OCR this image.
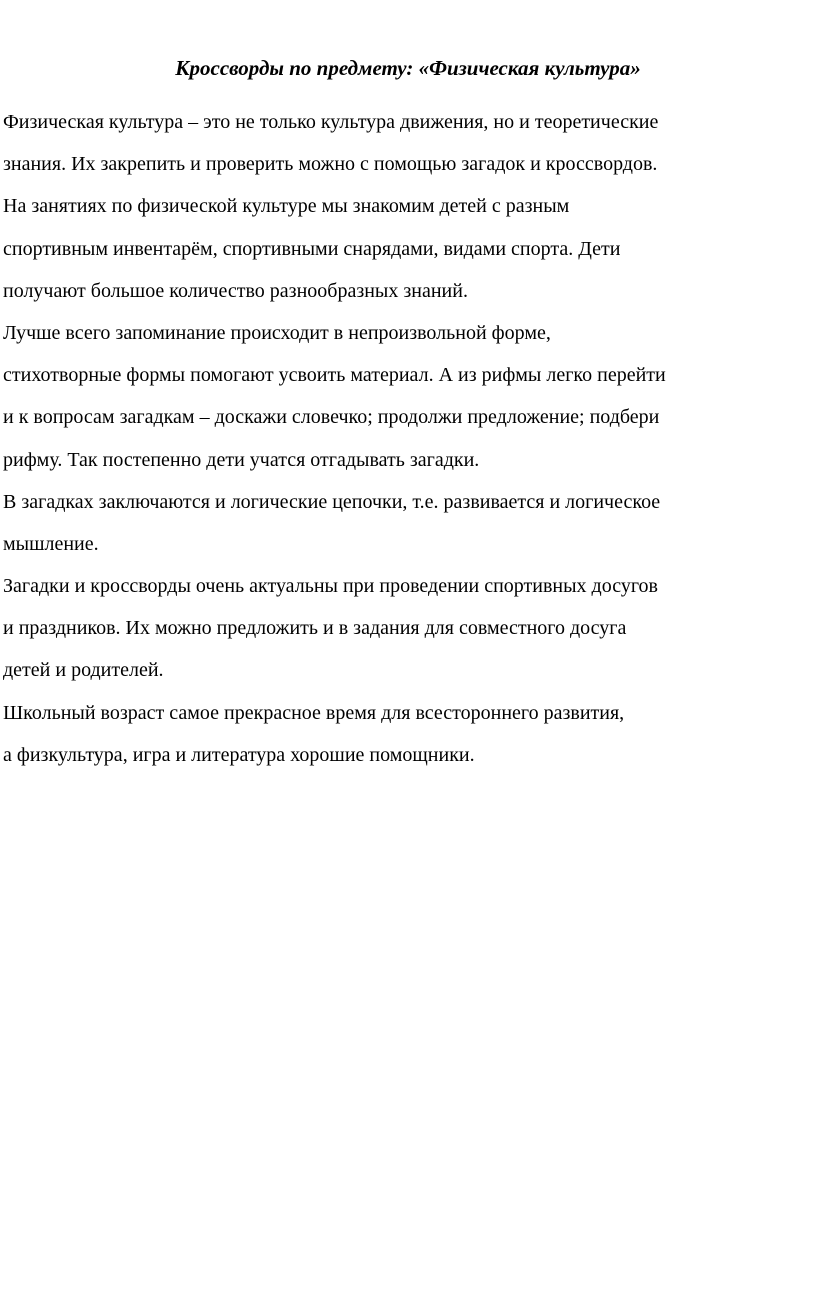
Кроссворды по предмету: «Физическая культура»
Физическая культура – это не только культура движения, но и теоретические
знания. Их закрепить и проверить можно с помощью загадок и кроссвордов.
На занятиях по физической культуре мы знакомим детей с разным
спортивным инвентарём, спортивными снарядами, видами спорта. Дети
получают большое количество разнообразных знаний.
Лучше всего запоминание происходит в непроизвольной форме,
стихотворные формы помогают усвоить материал. А из рифмы легко перейти
и к вопросам загадкам – доскажи словечко; продолжи предложение; подбери
рифму. Так постепенно дети учатся отгадывать загадки.
В загадках заключаются и логические цепочки, т.е. развивается и логическое
мышление.
Загадки и кроссворды очень актуальны при проведении спортивных досугов
и праздников. Их можно предложить и в задания для совместного досуга
детей и родителей.
Школьный возраст самое прекрасное время для всестороннего развития,
а физкультура, игра и литература хорошие помощники.
